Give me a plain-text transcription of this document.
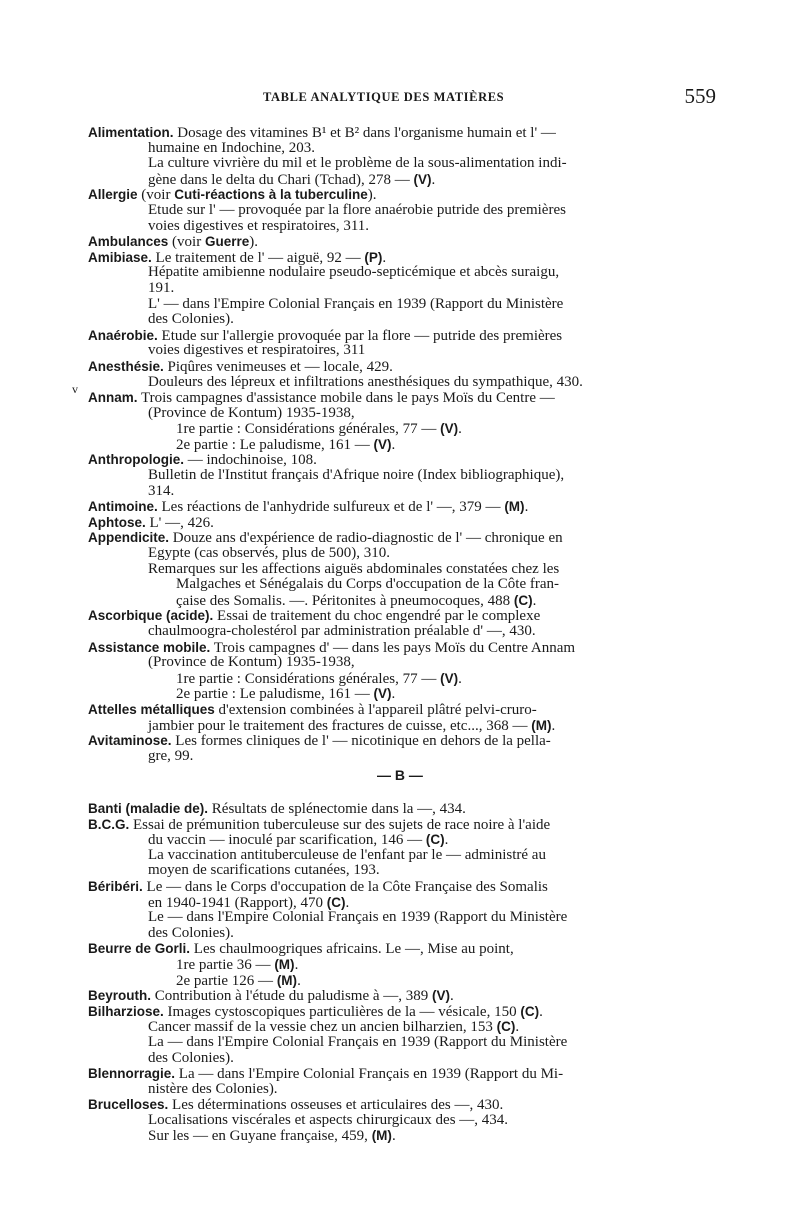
TABLE ANALYTIQUE DES MATIÈRES	559
v
Alimentation. Dosage des vitamines B¹ et B² dans l'organisme humain et l' —
humaine en Indochine, 203.
La culture vivrière du mil et le problème de la sous-alimentation indi-
gène dans le delta du Chari (Tchad), 278 — (V).
Allergie (voir Cuti-réactions à la tuberculine).
Etude sur l' — provoquée par la flore anaérobie putride des premières
voies digestives et respiratoires, 311.
Ambulances (voir Guerre).
Amibiase. Le traitement de l' — aiguë, 92 — (P).
Hépatite amibienne nodulaire pseudo-septicémique et abcès suraigu,
191.
L' — dans l'Empire Colonial Français en 1939 (Rapport du Ministère
des Colonies).
Anaérobie. Etude sur l'allergie provoquée par la flore — putride des premières
voies digestives et respiratoires, 311
Anesthésie. Piqûres venimeuses et — locale, 429.
Douleurs des lépreux et infiltrations anesthésiques du sympathique, 430.
Annam. Trois campagnes d'assistance mobile dans le pays Moïs du Centre —
(Province de Kontum) 1935-1938,
1re partie : Considérations générales, 77 — (V).
2e partie : Le paludisme, 161 — (V).
Anthropologie. — indochinoise, 108.
Bulletin de l'Institut français d'Afrique noire (Index bibliographique),
314.
Antimoine. Les réactions de l'anhydride sulfureux et de l' —, 379 — (M).
Aphtose. L' —, 426.
Appendicite. Douze ans d'expérience de radio-diagnostic de l' — chronique en
Egypte (cas observés, plus de 500), 310.
Remarques sur les affections aiguës abdominales constatées chez les
Malgaches et Sénégalais du Corps d'occupation de la Côte fran-
çaise des Somalis. —. Péritonites à pneumocoques, 488 (C).
Ascorbique (acide). Essai de traitement du choc engendré par le complexe
chaulmoogra-cholestérol par administration préalable d' —, 430.
Assistance mobile. Trois campagnes d' — dans les pays Moïs du Centre Annam
(Province de Kontum) 1935-1938,
1re partie : Considérations générales, 77 — (V).
2e partie : Le paludisme, 161 — (V).
Attelles métalliques d'extension combinées à l'appareil plâtré pelvi-cruro-
jambier pour le traitement des fractures de cuisse, etc..., 368 — (M).
Avitaminose. Les formes cliniques de l' — nicotinique en dehors de la pella-
gre, 99.
— B —
Banti (maladie de). Résultats de splénectomie dans la —, 434.
B.C.G. Essai de prémunition tuberculeuse sur des sujets de race noire à l'aide
du vaccin — inoculé par scarification, 146 — (C).
La vaccination antituberculeuse de l'enfant par le — administré au
moyen de scarifications cutanées, 193.
Béribéri. Le — dans le Corps d'occupation de la Côte Française des Somalis
en 1940-1941 (Rapport), 470 (C).
Le — dans l'Empire Colonial Français en 1939 (Rapport du Ministère
des Colonies).
Beurre de Gorli. Les chaulmoogriques africains. Le —, Mise au point,
1re partie 36 — (M).
2e partie 126 — (M).
Beyrouth. Contribution à l'étude du paludisme à —, 389 (V).
Bilharziose. Images cystoscopiques particulières de la — vésicale, 150 (C).
Cancer massif de la vessie chez un ancien bilharzien, 153 (C).
La — dans l'Empire Colonial Français en 1939 (Rapport du Ministère
des Colonies).
Blennorragie. La — dans l'Empire Colonial Français en 1939 (Rapport du Mi-
nistère des Colonies).
Brucelloses. Les déterminations osseuses et articulaires des —, 430.
Localisations viscérales et aspects chirurgicaux des —, 434.
Sur les — en Guyane française, 459, (M).
